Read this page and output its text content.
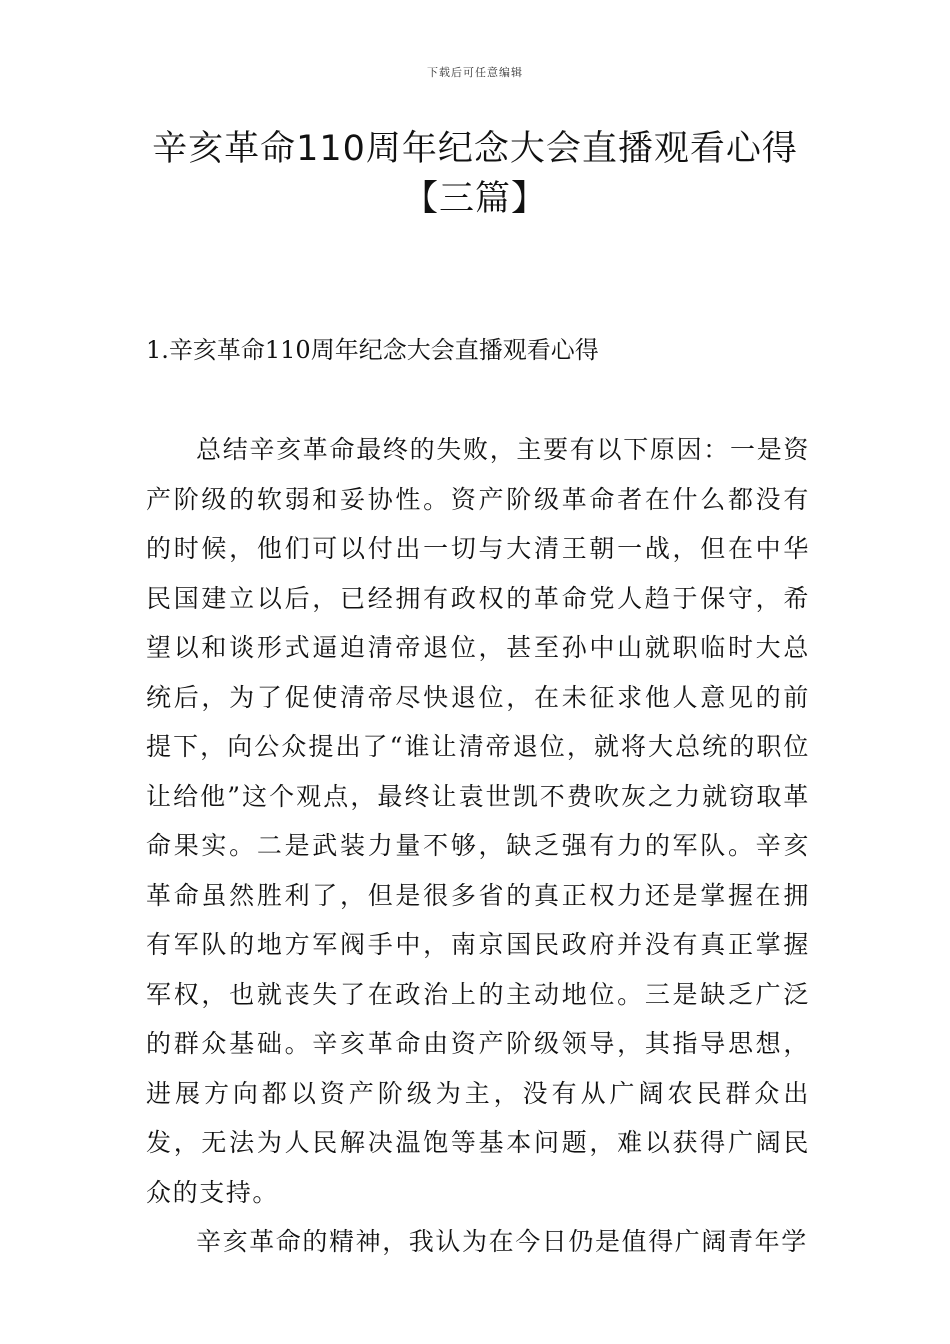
下载后可任意编辑
辛亥革命110周年纪念大会直播观看心得
【三篇】
1.辛亥革命110周年纪念大会直播观看心得

总结辛亥革命最终的失败，主要有以下原因：一是资产阶级的软弱和妥协性。资产阶级革命者在什么都没有的时候，他们可以付出一切与大清王朝一战，但在中华民国建立以后，已经拥有政权的革命党人趋于保守，希望以和谈形式逼迫清帝退位，甚至孙中山就职临时大总统后，为了促使清帝尽快退位，在未征求他人意见的前提下，向公众提出了“谁让清帝退位，就将大总统的职位让给他”这个观点，最终让袁世凯不费吹灰之力就窃取革命果实。二是武装力量不够，缺乏强有力的军队。辛亥革命虽然胜利了，但是很多省的真正权力还是掌握在拥有军队的地方军阀手中，南京国民政府并没有真正掌握军权，也就丧失了在政治上的主动地位。三是缺乏广泛的群众基础。辛亥革命由资产阶级领导，其指导思想，进展方向都以资产阶级为主，没有从广阔农民群众出发，无法为人民解决温饱等基本问题，难以获得广阔民众的支持。

辛亥革命的精神，我认为在今日仍是值得广阔青年学
